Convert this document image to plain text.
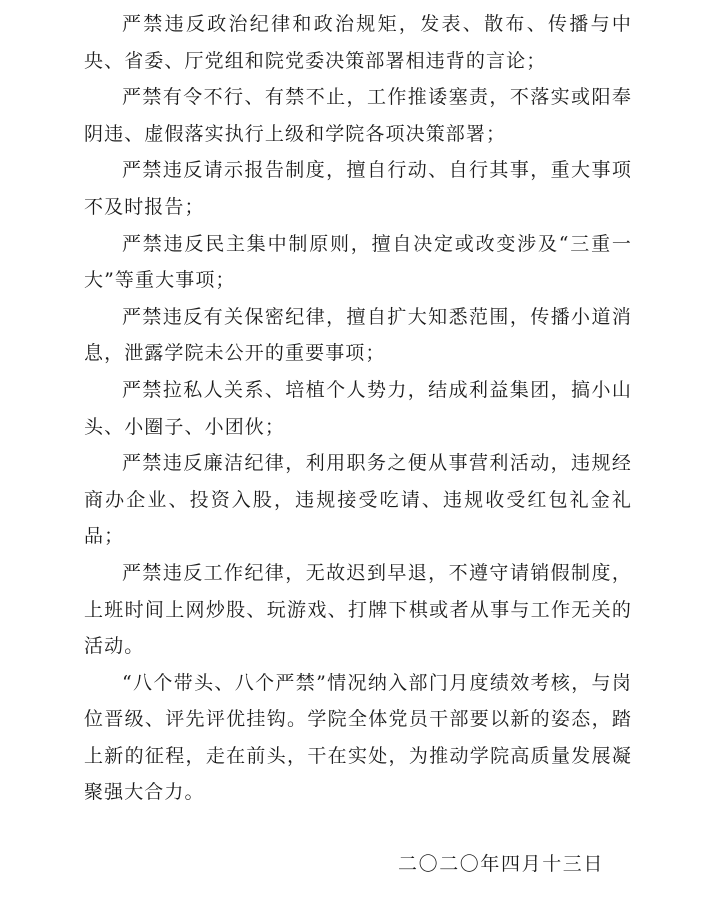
严禁违反政治纪律和政治规矩，发表、散布、传播与中央、省委、厅党组和院党委决策部署相违背的言论；

严禁有令不行、有禁不止，工作推诿塞责，不落实或阳奉阴违、虚假落实执行上级和学院各项决策部署；

严禁违反请示报告制度，擅自行动、自行其事，重大事项不及时报告；

严禁违反民主集中制原则，擅自决定或改变涉及“三重一大”等重大事项；

严禁违反有关保密纪律，擅自扩大知悉范围，传播小道消息，泄露学院未公开的重要事项；

严禁拉私人关系、培植个人势力，结成利益集团，搞小山头、小圈子、小团伙；

严禁违反廉洁纪律，利用职务之便从事营利活动，违规经商办企业、投资入股，违规接受吃请、违规收受红包礼金礼品；

严禁违反工作纪律，无故迟到早退，不遵守请销假制度，上班时间上网炒股、玩游戏、打牌下棋或者从事与工作无关的活动。

“八个带头、八个严禁”情况纳入部门月度绩效考核，与岗位晋级、评先评优挂钩。学院全体党员干部要以新的姿态，踏上新的征程，走在前头，干在实处，为推动学院高质量发展凝聚强大合力。

二〇二〇年四月十三日
